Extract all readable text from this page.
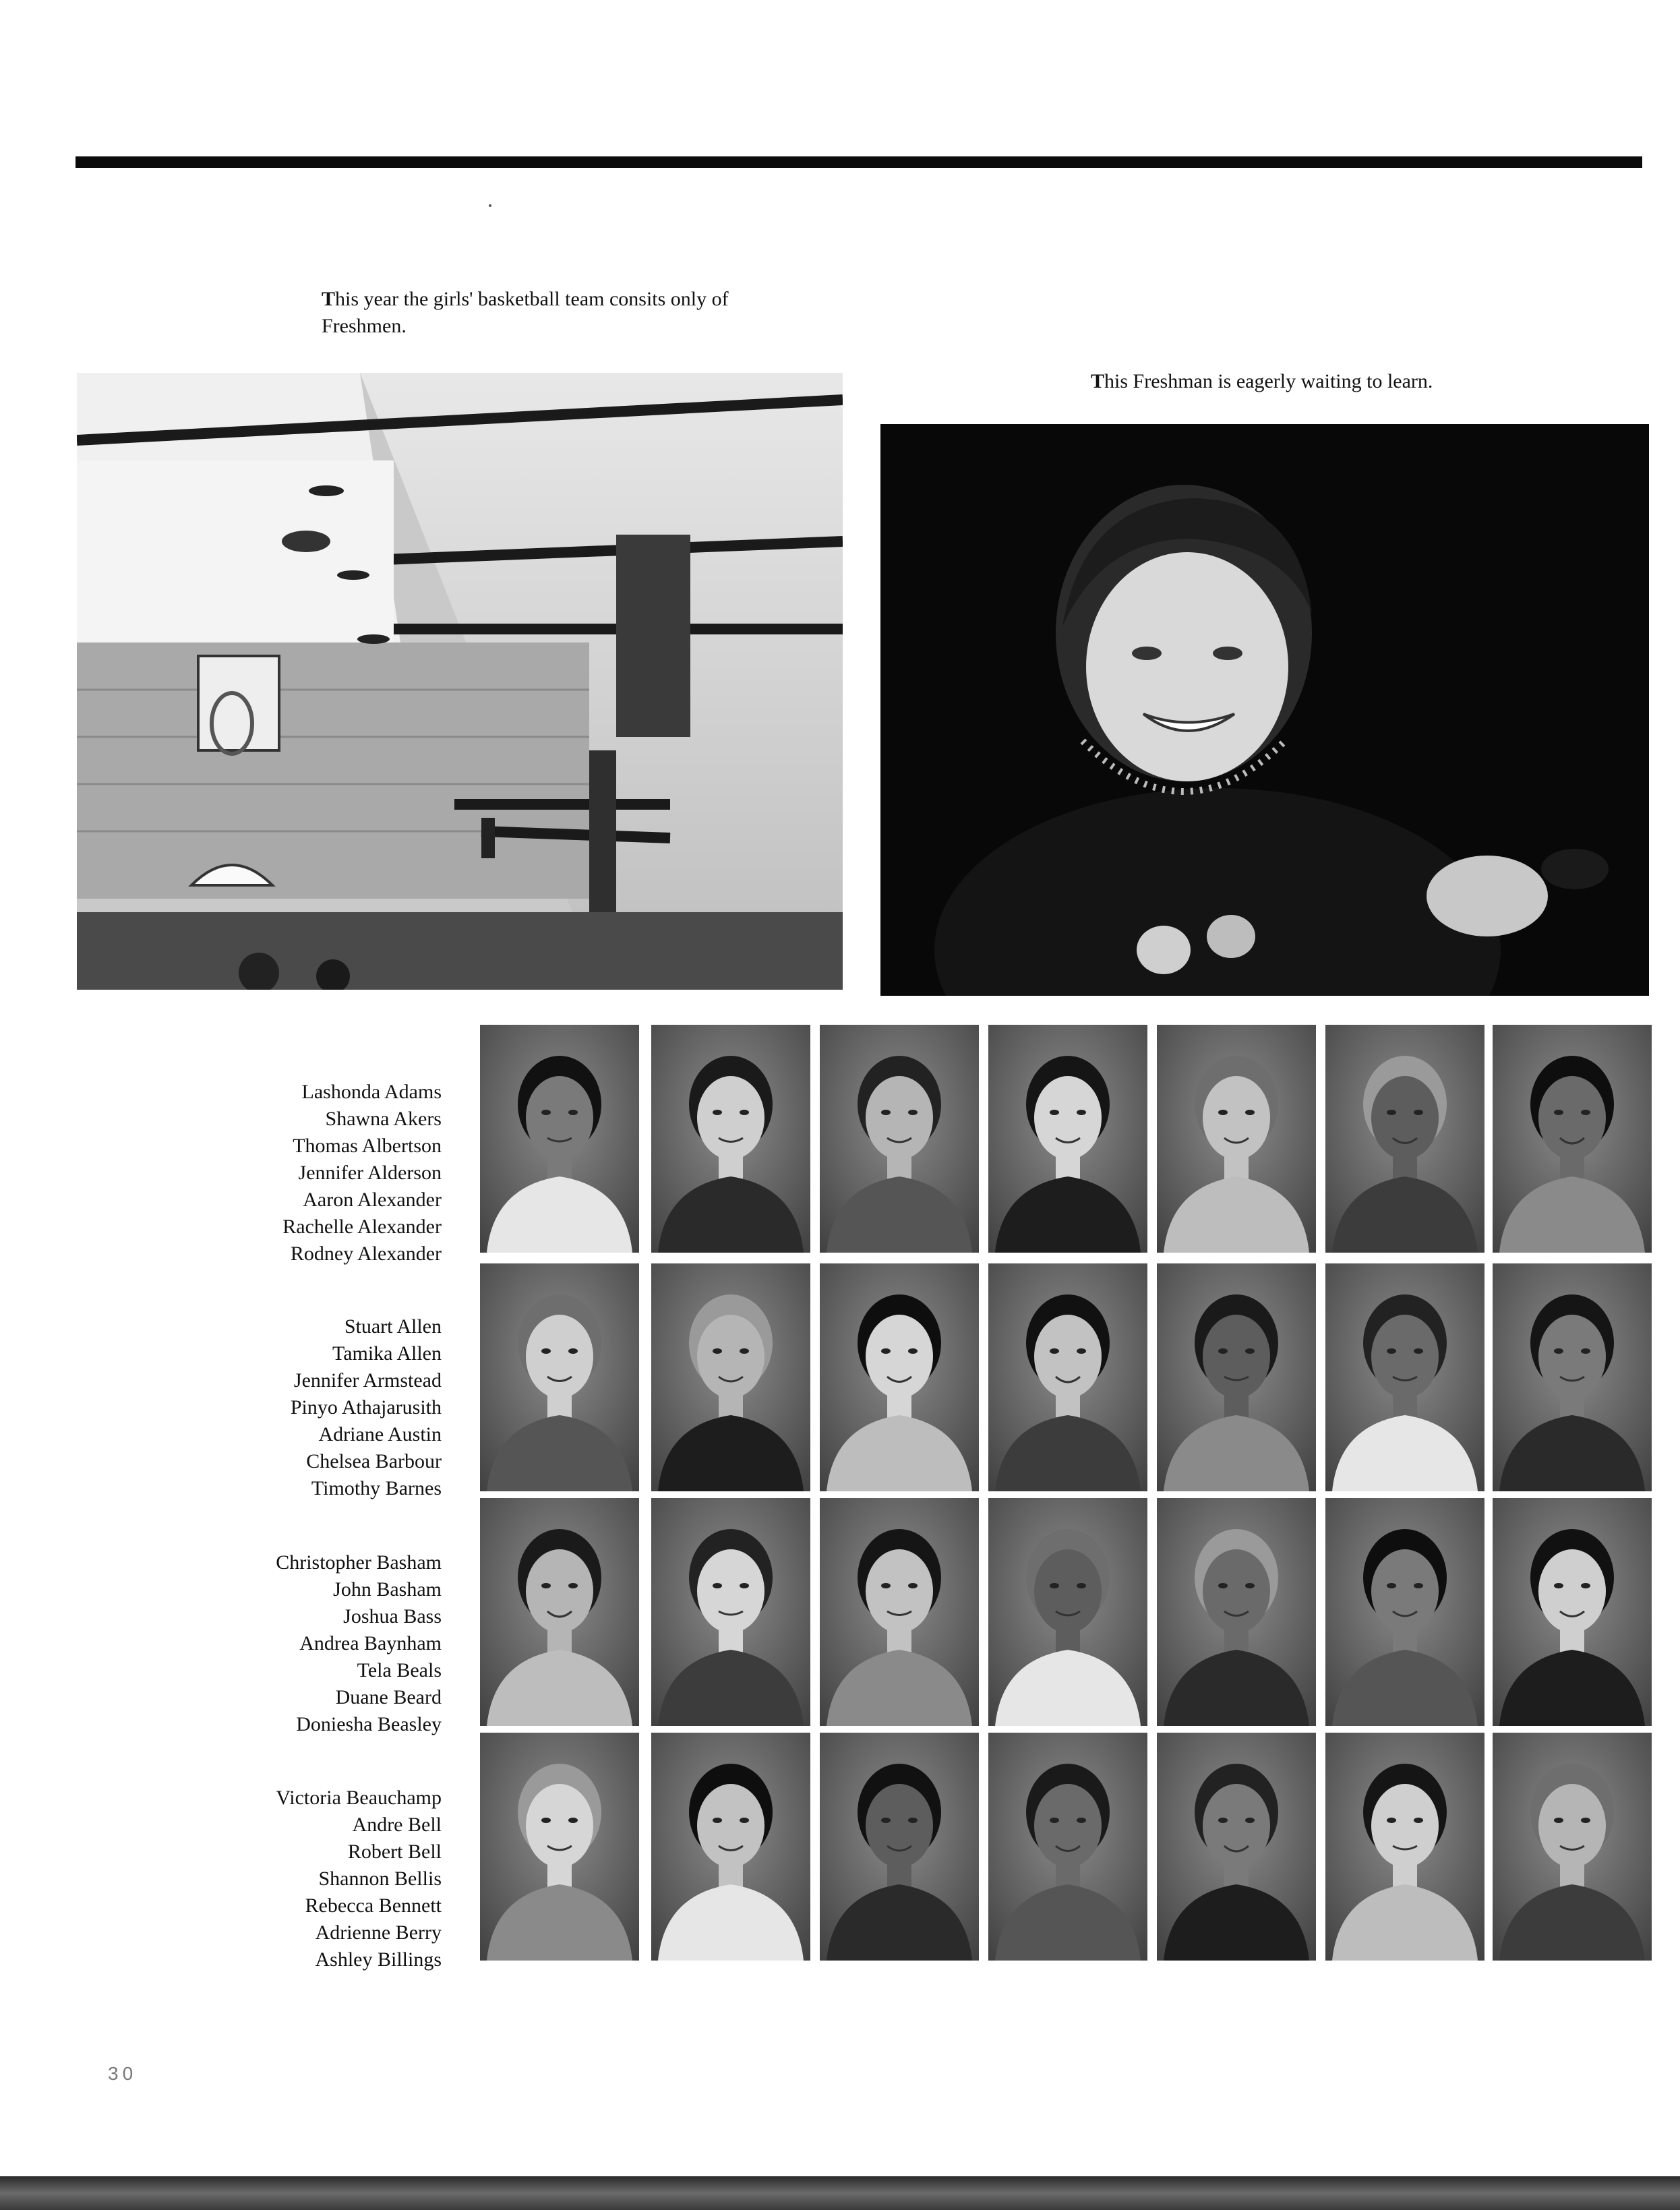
This year the girls' basketball team consits only of Freshmen.
This Freshman is eagerly waiting to learn.
Lashonda Adams
Shawna Akers
Thomas Albertson
Jennifer Alderson
Aaron Alexander
Rachelle Alexander
Rodney Alexander
Stuart Allen
Tamika Allen
Jennifer Armstead
Pinyo Athajarusith
Adriane Austin
Chelsea Barbour
Timothy Barnes
Christopher Basham
John Basham
Joshua Bass
Andrea Baynham
Tela Beals
Duane Beard
Doniesha Beasley
Victoria Beauchamp
Andre Bell
Robert Bell
Shannon Bellis
Rebecca Bennett
Adrienne Berry
Ashley Billings
30
